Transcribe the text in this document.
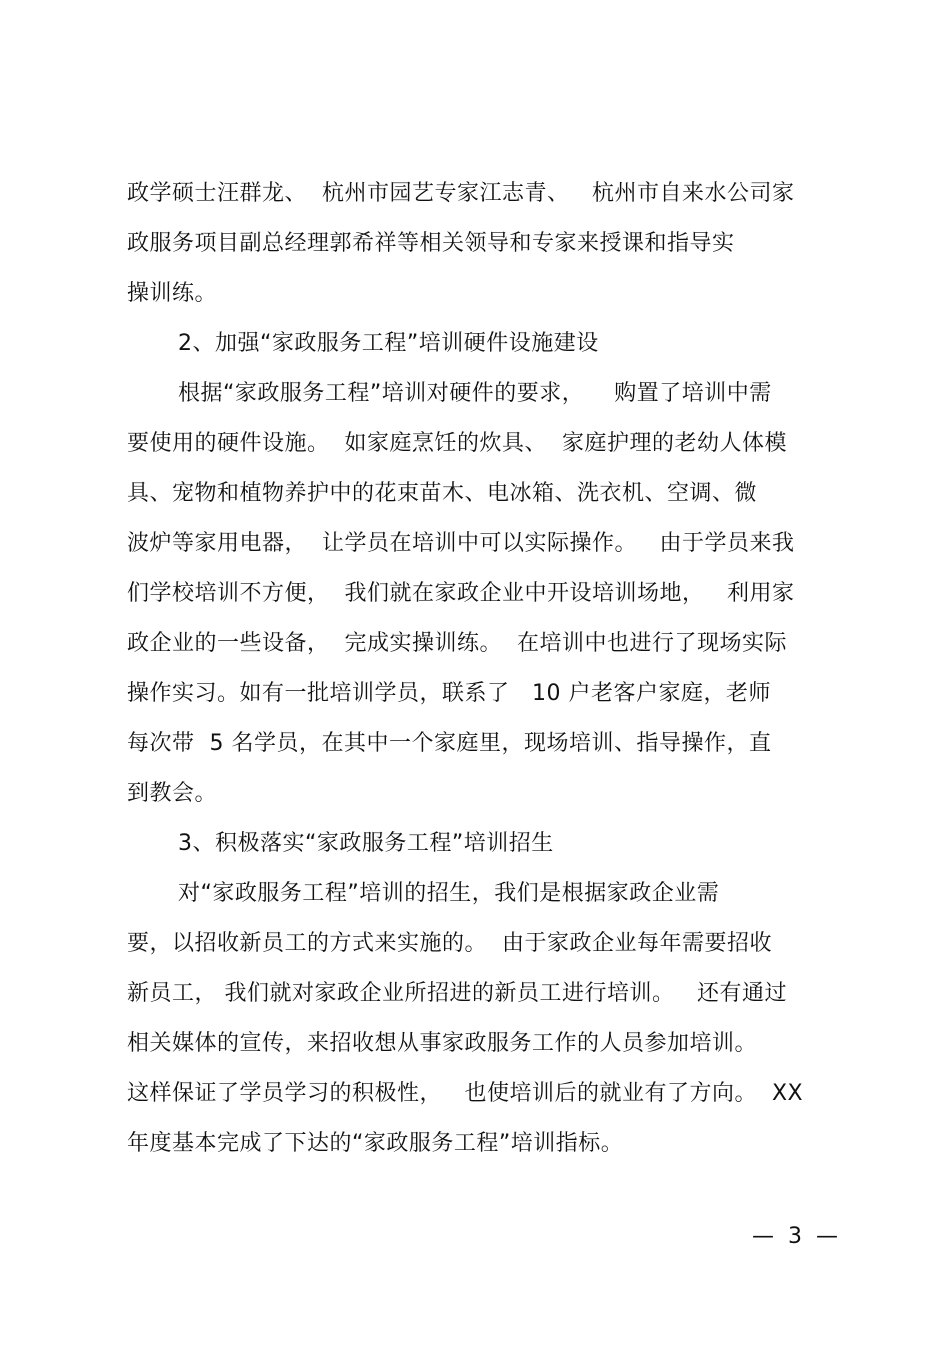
政学硕士汪群龙、  杭州市园艺专家江志青、   杭州市自来水公司家
政服务项目副总经理郭希祥等相关领导和专家来授课和指导实
操训练。
2、加强“家政服务工程”培训硬件设施建设
根据“家政服务工程”培训对硬件的要求，    购置了培训中需
要使用的硬件设施。  如家庭烹饪的炊具、  家庭护理的老幼人体模
具、宠物和植物养护中的花束苗木、电冰箱、洗衣机、空调、微
波炉等家用电器，  让学员在培训中可以实际操作。   由于学员来我
们学校培训不方便，  我们就在家政企业中开设培训场地，   利用家
政企业的一些设备，  完成实操训练。  在培训中也进行了现场实际
操作实习。如有一批培训学员，联系了   10 户老客户家庭，老师
每次带  5 名学员，在其中一个家庭里，现场培训、指导操作，直
到教会。
3、积极落实“家政服务工程”培训招生
对“家政服务工程”培训的招生，我们是根据家政企业需
要，以招收新员工的方式来实施的。  由于家政企业每年需要招收
新员工， 我们就对家政企业所招进的新员工进行培训。   还有通过
相关媒体的宣传，来招收想从事家政服务工作的人员参加培训。
这样保证了学员学习的积极性，   也使培训后的就业有了方向。  XX
年度基本完成了下达的“家政服务工程”培训指标。
—  3  —
